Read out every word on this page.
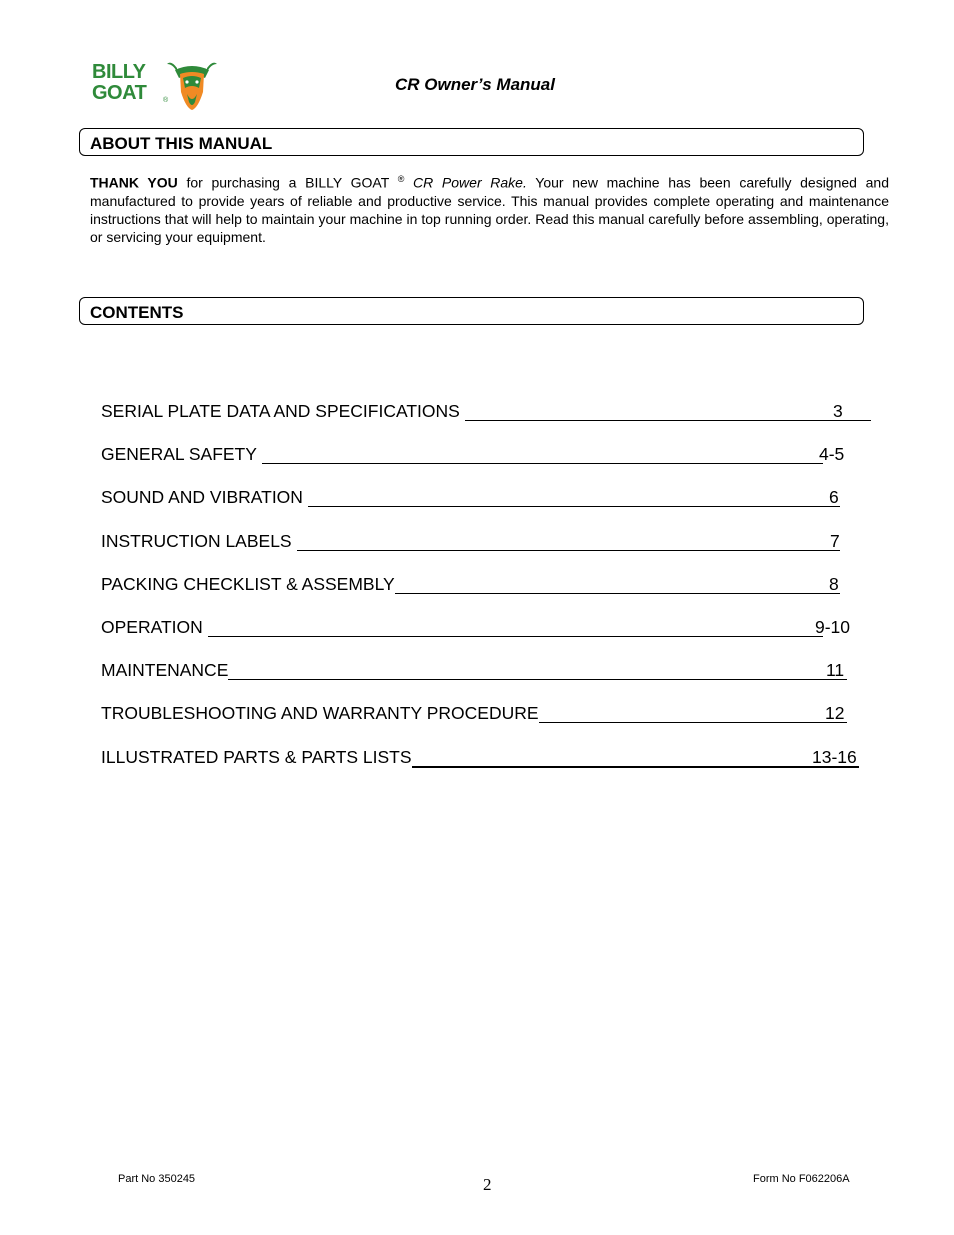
BILLY
GOAT ®
CR Owner’s Manual
ABOUT THIS MANUAL
THANK YOU for purchasing a BILLY GOAT ® CR Power Rake. Your new machine has been carefully designed and manufactured to provide years of reliable and productive service. This manual provides complete operating and maintenance instructions that will help to maintain your machine in top running order. Read this manual carefully before assembling, operating, or servicing your equipment.
CONTENTS
SERIAL PLATE DATA AND SPECIFICATIONS	3
GENERAL SAFETY	4-5
SOUND AND VIBRATION	6
INSTRUCTION LABELS	7
PACKING CHECKLIST & ASSEMBLY	8
OPERATION	9-10
MAINTENANCE	11
TROUBLESHOOTING AND WARRANTY PROCEDURE	12
ILLUSTRATED PARTS & PARTS LISTS	13-16
Part No 350245	2	Form No F062206A
